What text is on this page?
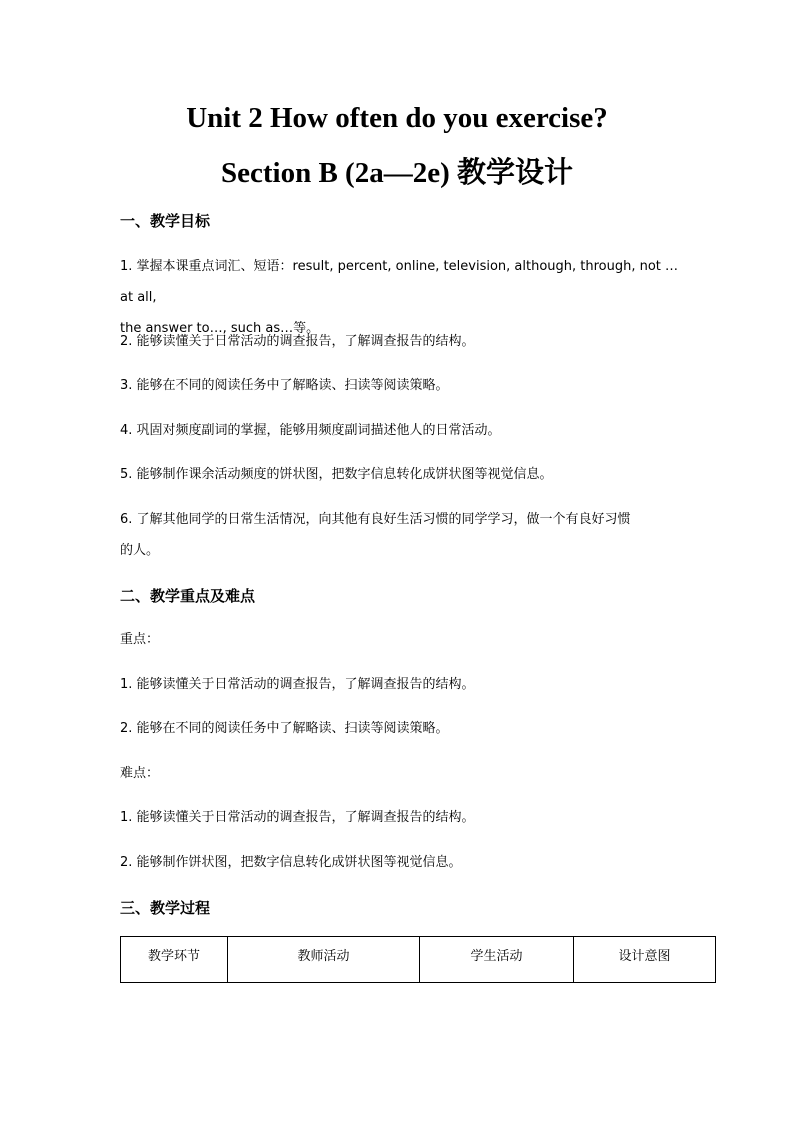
Unit 2 How often do you exercise?
Section B (2a—2e) 教学设计
一、教学目标

1. 掌握本课重点词汇、短语：result, percent, online, television, although, through, not … at all,
the answer to…, such as…等。

2. 能够读懂关于日常活动的调查报告，了解调查报告的结构。

3. 能够在不同的阅读任务中了解略读、扫读等阅读策略。

4. 巩固对频度副词的掌握，能够用频度副词描述他人的日常活动。

5. 能够制作课余活动频度的饼状图，把数字信息转化成饼状图等视觉信息。

6. 了解其他同学的日常生活情况，向其他有良好生活习惯的同学学习，做一个有良好习惯
的人。

二、教学重点及难点

重点：

1. 能够读懂关于日常活动的调查报告，了解调查报告的结构。

2. 能够在不同的阅读任务中了解略读、扫读等阅读策略。

难点：

1. 能够读懂关于日常活动的调查报告，了解调查报告的结构。

2. 能够制作饼状图，把数字信息转化成饼状图等视觉信息。

三、教学过程
教学环节	教师活动	学生活动	设计意图
